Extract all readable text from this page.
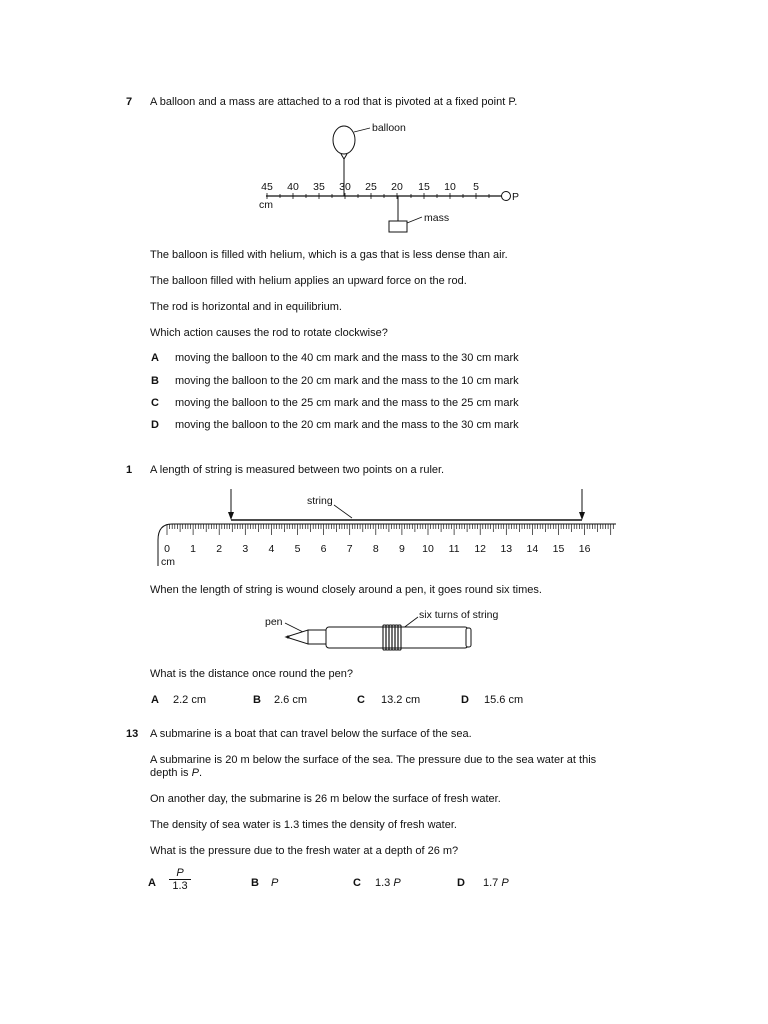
7 A balloon and a mass are attached to a rod that is pivoted at a fixed point P.
balloon
45 40 35 30 25 20 15 10 5
P
cm
mass
The balloon is filled with helium, which is a gas that is less dense than air.
The balloon filled with helium applies an upward force on the rod.
The rod is horizontal and in equilibrium.
Which action causes the rod to rotate clockwise?
A moving the balloon to the 40 cm mark and the mass to the 30 cm mark
B moving the balloon to the 20 cm mark and the mass to the 10 cm mark
C moving the balloon to the 25 cm mark and the mass to the 25 cm mark
D moving the balloon to the 20 cm mark and the mass to the 30 cm mark
1 A length of string is measured between two points on a ruler.
string
0 1 2 3 4 5 6 7 8 9 10 11 12 13 14 15 16
cm
When the length of string is wound closely around a pen, it goes round six times.
pen
six turns of string
What is the distance once round the pen?
A 2.2 cm	B 2.6 cm	C 13.2 cm	D 15.6 cm
13 A submarine is a boat that can travel below the surface of the sea.
A submarine is 20 m below the surface of the sea. The pressure due to the sea water at this
depth is P.
On another day, the submarine is 26 m below the surface of fresh water.
The density of sea water is 1.3 times the density of fresh water.
What is the pressure due to the fresh water at a depth of 26 m?
A $\frac{P}{1.3}$	B P	C 1.3 P	D 1.7 P
